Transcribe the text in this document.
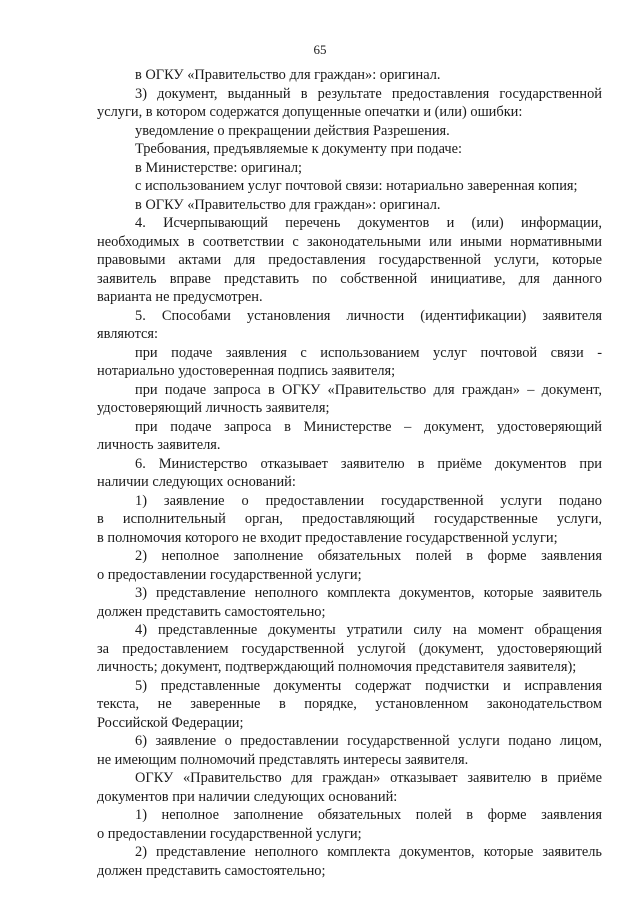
65
в ОГКУ «Правительство для граждан»: оригинал.
3) документ, выданный в результате предоставления государственной
услуги, в котором содержатся допущенные опечатки и (или) ошибки:
уведомление о прекращении действия Разрешения.
Требования, предъявляемые к документу при подаче:
в Министерстве: оригинал;
с использованием услуг почтовой связи: нотариально заверенная копия;
в ОГКУ «Правительство для граждан»: оригинал.
4. Исчерпывающий перечень документов и (или) информации,
необходимых в соответствии с законодательными или иными нормативными
правовыми актами для предоставления государственной услуги, которые
заявитель вправе представить по собственной инициативе, для данного
варианта не предусмотрен.
5. Способами установления личности (идентификации) заявителя
являются:
при подаче заявления с использованием услуг почтовой связи -
нотариально удостоверенная подпись заявителя;
при подаче запроса в ОГКУ «Правительство для граждан» – документ,
удостоверяющий личность заявителя;
при подаче запроса в Министерстве – документ, удостоверяющий
личность заявителя.
6. Министерство отказывает заявителю в приёме документов при
наличии следующих оснований:
1) заявление о предоставлении государственной услуги подано
в исполнительный орган, предоставляющий государственные услуги,
в полномочия которого не входит предоставление государственной услуги;
2) неполное заполнение обязательных полей в форме заявления
о предоставлении государственной услуги;
3) представление неполного комплекта документов, которые заявитель
должен представить самостоятельно;
4) представленные документы утратили силу на момент обращения
за предоставлением государственной услугой (документ, удостоверяющий
личность; документ, подтверждающий полномочия представителя заявителя);
5) представленные документы содержат подчистки и исправления
текста, не заверенные в порядке, установленном законодательством
Российской Федерации;
6) заявление о предоставлении государственной услуги подано лицом,
не имеющим полномочий представлять интересы заявителя.
ОГКУ «Правительство для граждан» отказывает заявителю в приёме
документов при наличии следующих оснований:
1) неполное заполнение обязательных полей в форме заявления
о предоставлении государственной услуги;
2) представление неполного комплекта документов, которые заявитель
должен представить самостоятельно;
